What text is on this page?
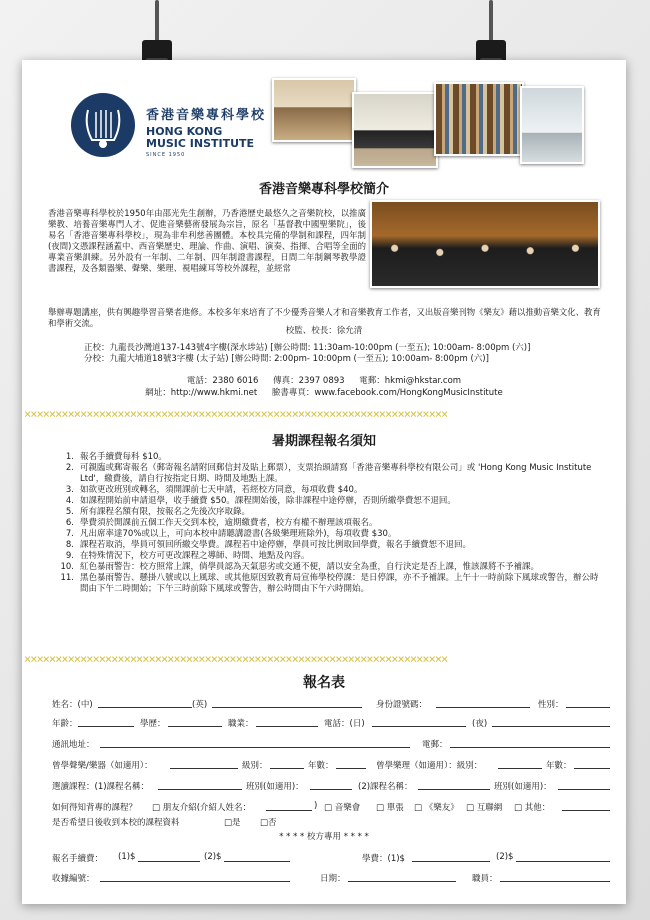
香港音樂專科學校
HONG KONG
MUSIC INSTITUTE
SINCE 1950
香港音樂專科學校簡介

香港音樂專科學校於1950年由邵光先生創辦，乃香港歷史最悠久之音樂院校，以推廣樂教、培養音樂專門人才、促進音樂藝術發展為宗旨，原名「基督教中國聖樂院」，後易名「香港音樂專科學校」，現為非牟利慈善團體。本校具完備的學制和課程，四年制(夜間)文憑課程涵蓋中、西音樂歷史、理論、作曲、演唱、演奏、指揮、合唱等全面的專業音樂訓練。另外設有一年制、二年制、四年制證書課程，日間二年制鋼琴教學證書課程，及各類器樂、聲樂、樂理、視唱練耳等校外課程，並經常

舉辦專題講座，供有興趣學習音樂者進修。本校多年來培育了不少優秀音樂人才和音樂教育工作者，又出版音樂刊物《樂友》藉以推動音樂文化、教育和學術交流。

校監、校長：徐允清
正校：九龍長沙灣道137-143號4字樓(深水埗站) [辦公時間: 11:30am-10:00pm (一至五); 10:00am- 8:00pm (六)]
分校：九龍大埔道18號3字樓 (太子站) [辦公時間: 2:00pm- 10:00pm (一至五); 10:00am- 8:00pm (六)]
電話：2380 6016 傳真：2397 0893 電郵：hkmi@hkstar.com
網址：http://www.hkmi.net 臉書專頁：www.facebook.com/HongKongMusicInstitute
××××××××××××××××××××××××××××××××××××××××××××××××××××××××××××××××××××
暑期課程報名須知
1. 報名手續費每科 $10。
2. 可親臨或郵寄報名（郵寄報名請附回郵信封及貼上郵票），支票抬頭請寫「香港音樂專科學校有限公司」或 'Hong Kong Music Institute Ltd'，繳費後，請自行按指定日期、時間及地點上課。
3. 如欲更改班別或轉名，須開課前七天申請，若經校方同意，每項收費 $40。
4. 如課程開始前申請退學，收手續費 $50。課程開始後，除非課程中途停辦，否則所繳學費恕不退回。
5. 所有課程名額有限，按報名之先後次序取錄。
6. 學費須於開課前五個工作天交到本校，逾期繳費者，校方有權不辦理該項報名。
7. 凡出席率達70%或以上，可向本校申請聽講證書(各級樂理班除外)，每項收費 $30。
8. 課程若取消，學員可領回所繳交學費。課程若中途停辦，學員可按比例取回學費，報名手續費恕不退回。
9. 在特殊情況下，校方可更改課程之導師、時間、地點及內容。
10. 紅色暴雨警告：校方照常上課，倘學員認為天氣惡劣或交通不便，請以安全為重，自行決定是否上課，惟該課將不予補課。
11. 黑色暴雨警告、懸掛八號或以上風球、或其他原因致教育局宣佈學校停課：是日停課，亦不予補課。上午十一時前除下風球或警告，辦公時間由下午二時開始；下午三時前除下風球或警告，辦公時間由下午六時開始。
××××××××××××××××××××××××××××××××××××××××××××××××××××××××××××××××××××
報名表
姓名：(中)	(英)	身份證號碼：	性別：
年齡：	學歷：	職業：	電話：(日)	(夜)
通訊地址：	電郵：
曾學聲樂/樂器（如適用）：	級別：	年數：	曾學樂理（如適用）：級別：	年數：
選讀課程：(1)課程名稱：	班別(如適用)：	(2)課程名稱：	班別(如適用)：
如何得知背專的課程？ □ 朋友介紹(介紹人姓名：	) □ 音樂會 □ 單張 □ 《樂友》 □ 互聯網 □ 其他：
是否希望日後收到本校的課程資料	□是 □否
* * * * 校方專用 * * * *
報名手續費： (1)$	(2)$	學費：(1)$	(2)$
收據編號：	日期：	職員：
